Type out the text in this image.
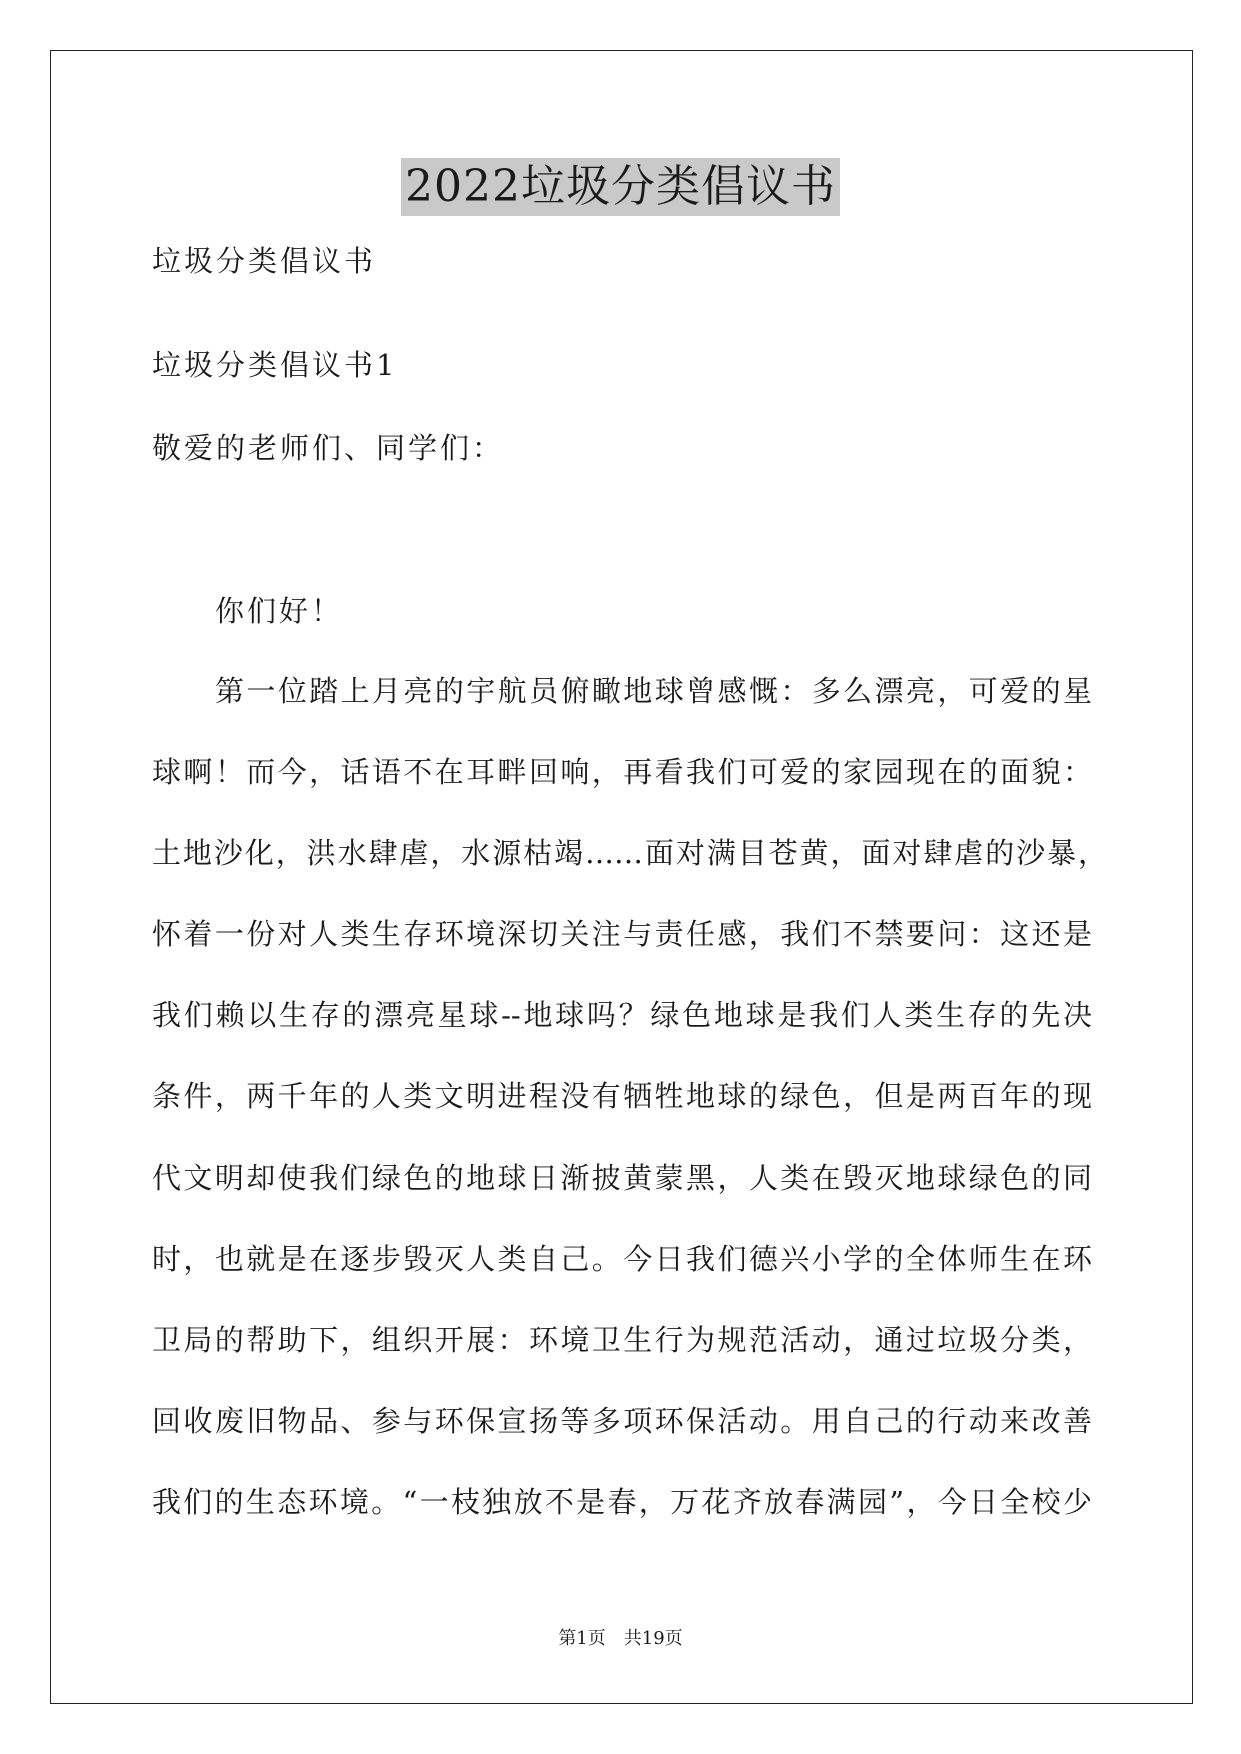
2022垃圾分类倡议书
垃圾分类倡议书
垃圾分类倡议书1
敬爱的老师们、同学们：
你们好！
第一位踏上月亮的宇航员俯瞰地球曾感慨：多么漂亮，可爱的星
球啊！而今，话语不在耳畔回响，再看我们可爱的家园现在的面貌：
土地沙化，洪水肆虐，水源枯竭……面对满目苍黄，面对肆虐的沙暴，
怀着一份对人类生存环境深切关注与责任感，我们不禁要问：这还是
我们赖以生存的漂亮星球--地球吗？绿色地球是我们人类生存的先决
条件，两千年的人类文明进程没有牺牲地球的绿色，但是两百年的现
代文明却使我们绿色的地球日渐披黄蒙黑，人类在毁灭地球绿色的同
时，也就是在逐步毁灭人类自己。今日我们德兴小学的全体师生在环
卫局的帮助下，组织开展：环境卫生行为规范活动，通过垃圾分类，
回收废旧物品、参与环保宣扬等多项环保活动。用自己的行动来改善
我们的生态环境。“一枝独放不是春，万花齐放春满园”，今日全校少
第1页 共19页
